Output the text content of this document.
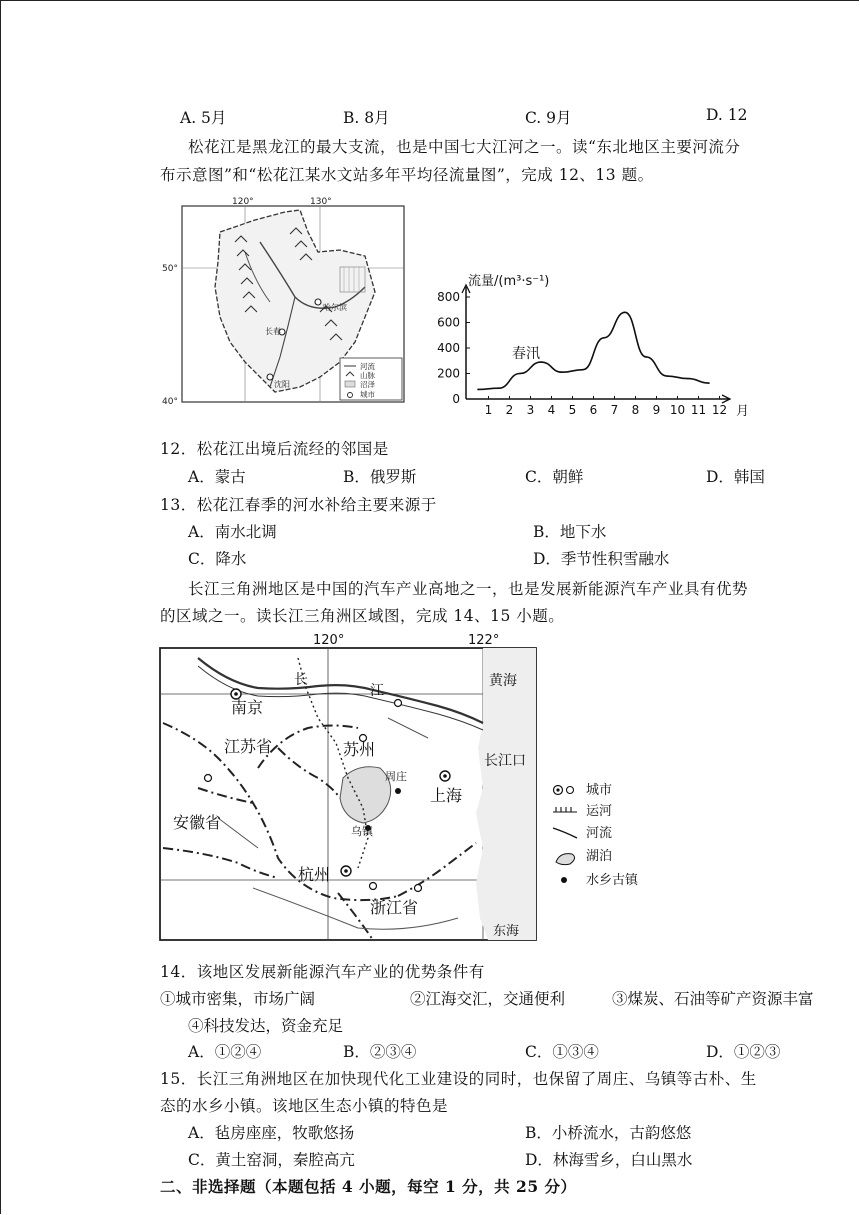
A. 5月	B. 8月	C. 9月	D. 12
松花江是黑龙江的最大支流，也是中国七大江河之一。读“东北地区主要河流分
布示意图”和“松花江某水文站多年平均径流量图”，完成 12、13 题。
120°	130°
50°
40°
哈尔滨
长春
沈阳
河流
山脉
沼泽
城市
流量/(m³·s⁻¹)
月
春汛
0
200
400
600
800
1 2 3 4 5 6 7 8 9 10 11 12
12．松花江出境后流经的邻国是
A．蒙古	B．俄罗斯	C．朝鲜	D．韩国
13．松花江春季的河水补给主要来源于
A．南水北调	B．地下水
C．降水	D．季节性积雪融水
长江三角洲地区是中国的汽车产业高地之一，也是发展新能源汽车产业具有优势
的区域之一。读长江三角洲区域图，完成 14、15 小题。
120°	122°
南京
江苏省	苏州
周庄
上海
安徽省	乌镇
杭州
浙江省
黄海
长江口
东海
长
江
城市
运河
河流
湖泊
水乡古镇
14．该地区发展新能源汽车产业的优势条件有
①城市密集，市场广阔	②江海交汇，交通便利	③煤炭、石油等矿产资源丰富
④科技发达，资金充足
A．①②④	B．②③④	C．①③④	D．①②③
15．长江三角洲地区在加快现代化工业建设的同时，也保留了周庄、乌镇等古朴、生
态的水乡小镇。该地区生态小镇的特色是
A．毡房座座，牧歌悠扬	B．小桥流水，古韵悠悠
C．黄土窑洞，秦腔高亢	D．林海雪乡，白山黑水
二、非选择题（本题包括 4 小题，每空 1 分，共 25 分）
